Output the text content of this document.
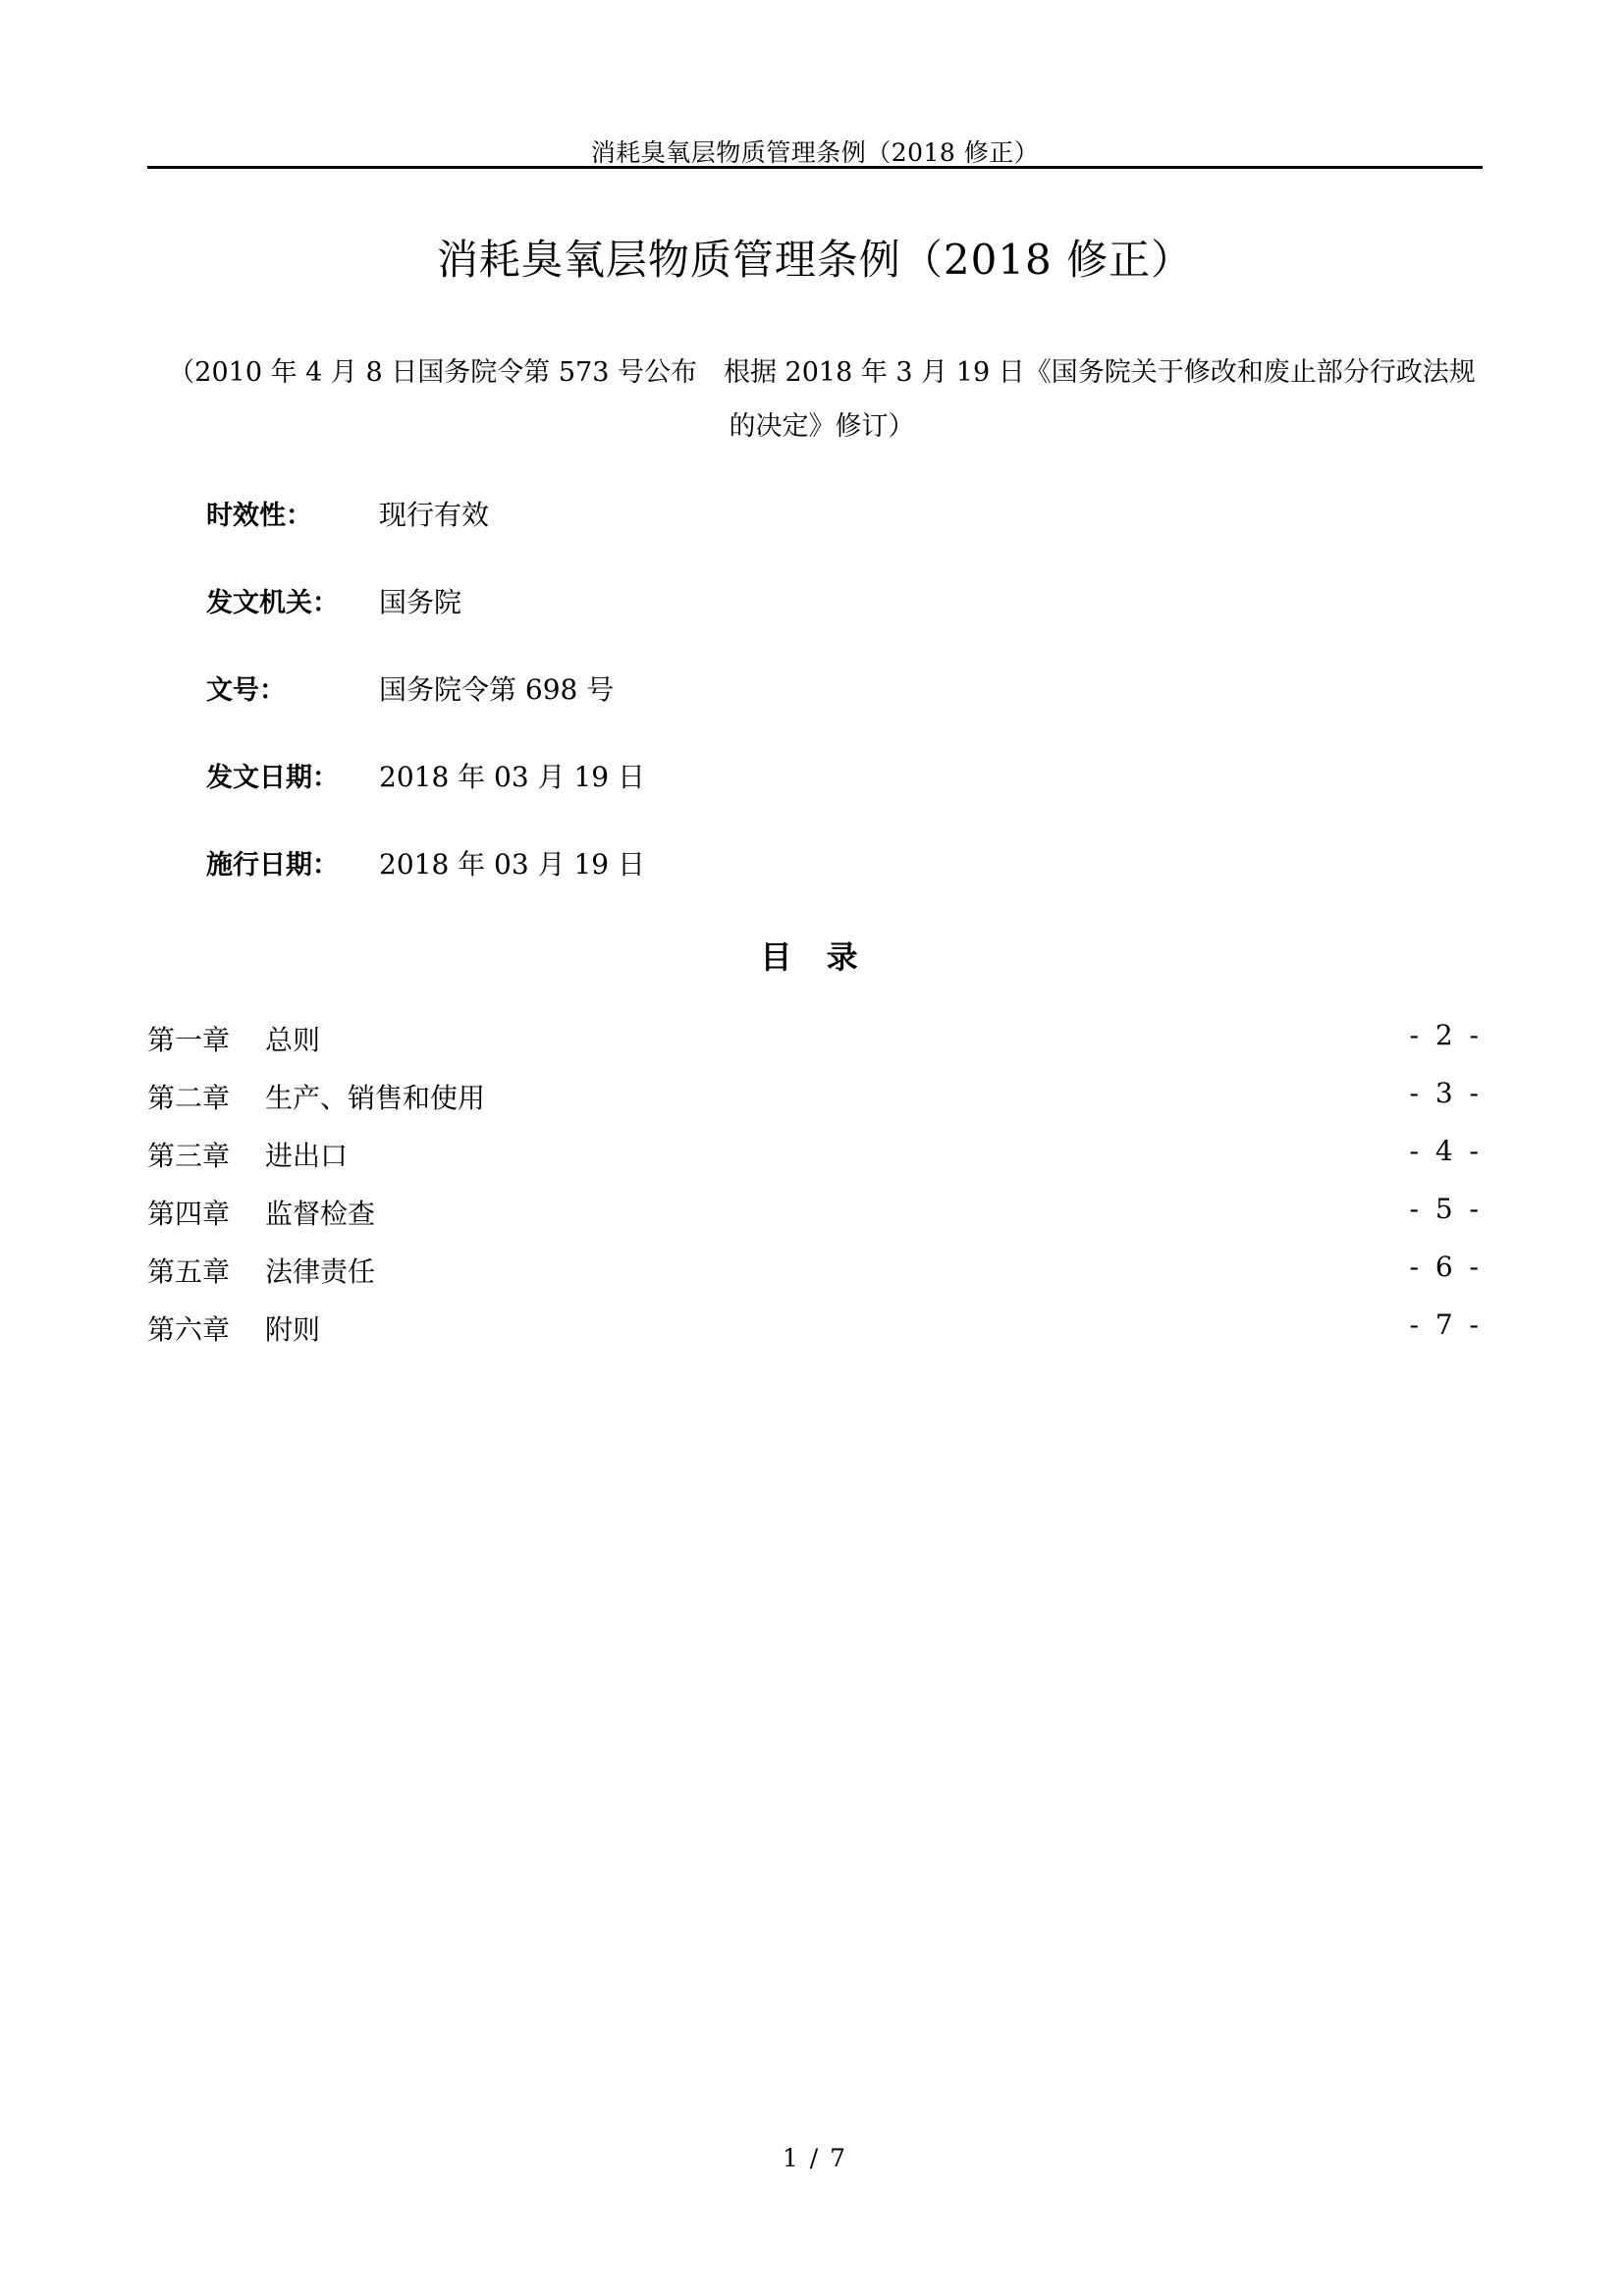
消耗臭氧层物质管理条例（2018 修正）
消耗臭氧层物质管理条例（2018 修正）
（2010 年 4 月 8 日国务院令第 573 号公布　根据 2018 年 3 月 19 日《国务院关于修改和废止部分行政法规
的决定》修订）
时效性：	现行有效
发文机关：	国务院
文号：	国务院令第 698 号
发文日期：	2018 年 03 月 19 日
施行日期：	2018 年 03 月 19 日
目 录
第一章	总则	- 2 -
第二章	生产、销售和使用	- 3 -
第三章	进出口	- 4 -
第四章	监督检查	- 5 -
第五章	法律责任	- 6 -
第六章	附则	- 7 -
1 / 7
